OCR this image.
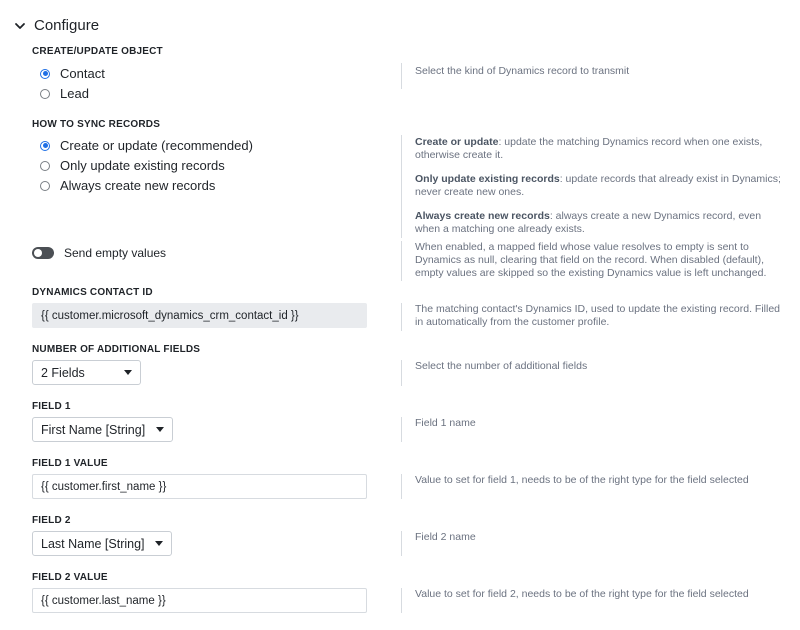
Configure
CREATE/UPDATE OBJECT
Contact
Lead
Select the kind of Dynamics record to transmit
HOW TO SYNC RECORDS
Create or update (recommended)
Only update existing records
Always create new records
Create or update: update the matching Dynamics record when one exists, otherwise create it.
Only update existing records: update records that already exist in Dynamics; never create new ones.
Always create new records: always create a new Dynamics record, even when a matching one already exists.
Send empty values	When enabled, a mapped field whose value resolves to empty is sent to Dynamics as null, clearing that field on the record. When disabled (default), empty values are skipped so the existing Dynamics value is left unchanged.
DYNAMICS CONTACT ID
{{ customer.microsoft_dynamics_crm_contact_id }}
The matching contact's Dynamics ID, used to update the existing record. Filled in automatically from the customer profile.
NUMBER OF ADDITIONAL FIELDS
2 Fields	Select the number of additional fields
FIELD 1
First Name [String]	Field 1 name
FIELD 1 VALUE
{{ customer.first_name }}
Value to set for field 1, needs to be of the right type for the field selected
FIELD 2
Last Name [String]	Field 2 name
FIELD 2 VALUE
{{ customer.last_name }}
Value to set for field 2, needs to be of the right type for the field selected
